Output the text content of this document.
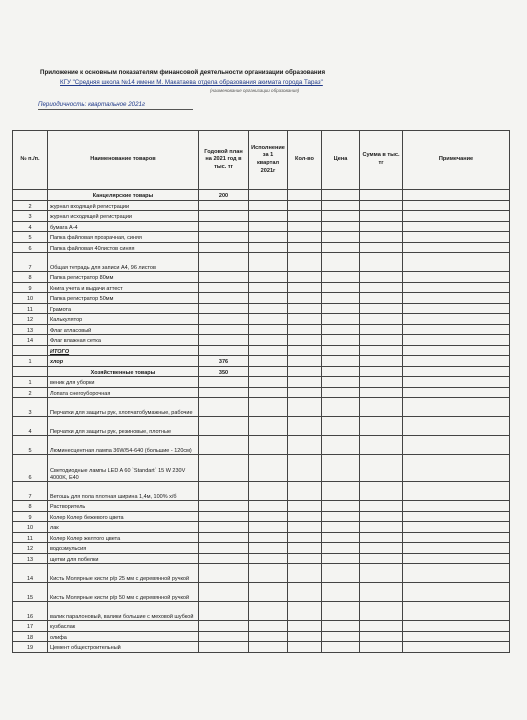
Приложение к основным показателям финансовой деятельности организации образования
КГУ "Средняя школа №14 имени М. Макатаева отдела образования акимата города Тараз"
(наименование организации образования)
Периодичность: квартальное 2021г
№ п./п.	Наименование товаров	Годовой план на 2021 год в тыс. тг	Исполнение за 1 квартал 2021г	Кол-во	Цена	Сумма в тыс. тг	Примечание
	Канцелярские товары	200					
2	журнал входящей регистрации						
3	журнал исходящей регистрации						
4	бумага А-4						
5	Папка файловая прозрачная, синяя						
6	Папка файловая 40листов синяя						
7	Общая тетрадь для записи А4, 96 листов						
8	Папка регистратор 80мм						
9	Книга учета и выдачи аттест						
10	Папка регистратор 50мм						
11	Грамота						
12	Калькулятор						
13	Флаг атласовый						
14	Флаг влажная сетка						
	ИТОГО						
1	хлор	376					
	Хозяйственные товары	350					
1	веник для уборки						
2	Лопата снегоуборочная						
3	Перчатки для защиты рук, хлопчатобумажные, рабочие						
4	Перчатки для защиты рук, резиновые, плотные						
5	Люминесцентная лампа 36W/54-640 (большие - 120см)						
6	Светодиодные лампы LED A 60 `Standart` 15 W 230V 4000K, E40						
7	Ветошь для пола плотная ширина 1,4м, 100% х/б						
8	Растворитель						
9	Колер Колер бежевого цвета						
10	лак						
11	Колер Колер желтого цвета						
12	водоэмульсия						
13	щетки для побелки						
14	Кисть Молярные кисти р/р 25 мм с деревянной ручкой						
15	Кисть Молярные кисти р/р 50 мм с деревянной ручкой						
16	валик паралоновый, валики большие с меховой шубкой						
17	кузбаслак						
18	олифа						
19	Цемент общестроительный						
